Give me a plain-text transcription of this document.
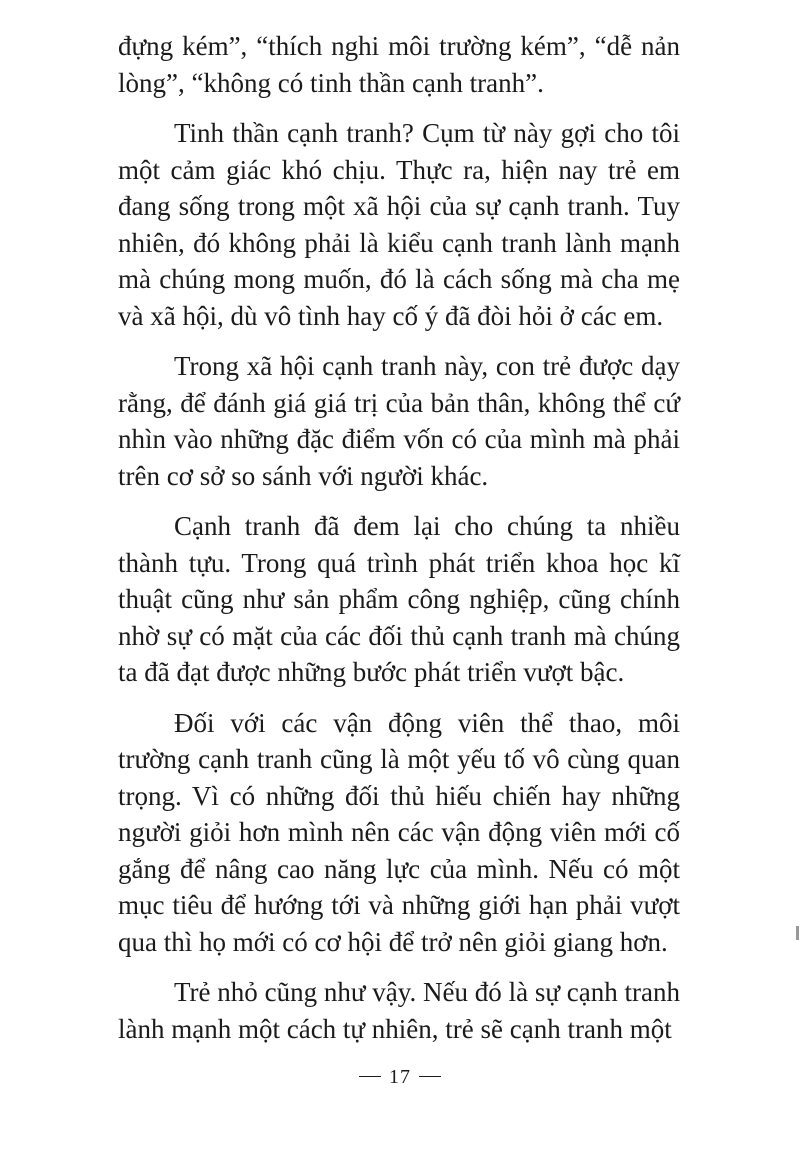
đựng kém”, “thích nghi môi trường kém”, “dễ nản lòng”, “không có tinh thần cạnh tranh”.

Tinh thần cạnh tranh? Cụm từ này gợi cho tôi một cảm giác khó chịu. Thực ra, hiện nay trẻ em đang sống trong một xã hội của sự cạnh tranh. Tuy nhiên, đó không phải là kiểu cạnh tranh lành mạnh mà chúng mong muốn, đó là cách sống mà cha mẹ và xã hội, dù vô tình hay cố ý đã đòi hỏi ở các em.

Trong xã hội cạnh tranh này, con trẻ được dạy rằng, để đánh giá giá trị của bản thân, không thể cứ nhìn vào những đặc điểm vốn có của mình mà phải trên cơ sở so sánh với người khác.

Cạnh tranh đã đem lại cho chúng ta nhiều thành tựu. Trong quá trình phát triển khoa học kĩ thuật cũng như sản phẩm công nghiệp, cũng chính nhờ sự có mặt của các đối thủ cạnh tranh mà chúng ta đã đạt được những bước phát triển vượt bậc.

Đối với các vận động viên thể thao, môi trường cạnh tranh cũng là một yếu tố vô cùng quan trọng. Vì có những đối thủ hiếu chiến hay những người giỏi hơn mình nên các vận động viên mới cố gắng để nâng cao năng lực của mình. Nếu có một mục tiêu để hướng tới và những giới hạn phải vượt qua thì họ mới có cơ hội để trở nên giỏi giang hơn.

Trẻ nhỏ cũng như vậy. Nếu đó là sự cạnh tranh lành mạnh một cách tự nhiên, trẻ sẽ cạnh tranh một

17
